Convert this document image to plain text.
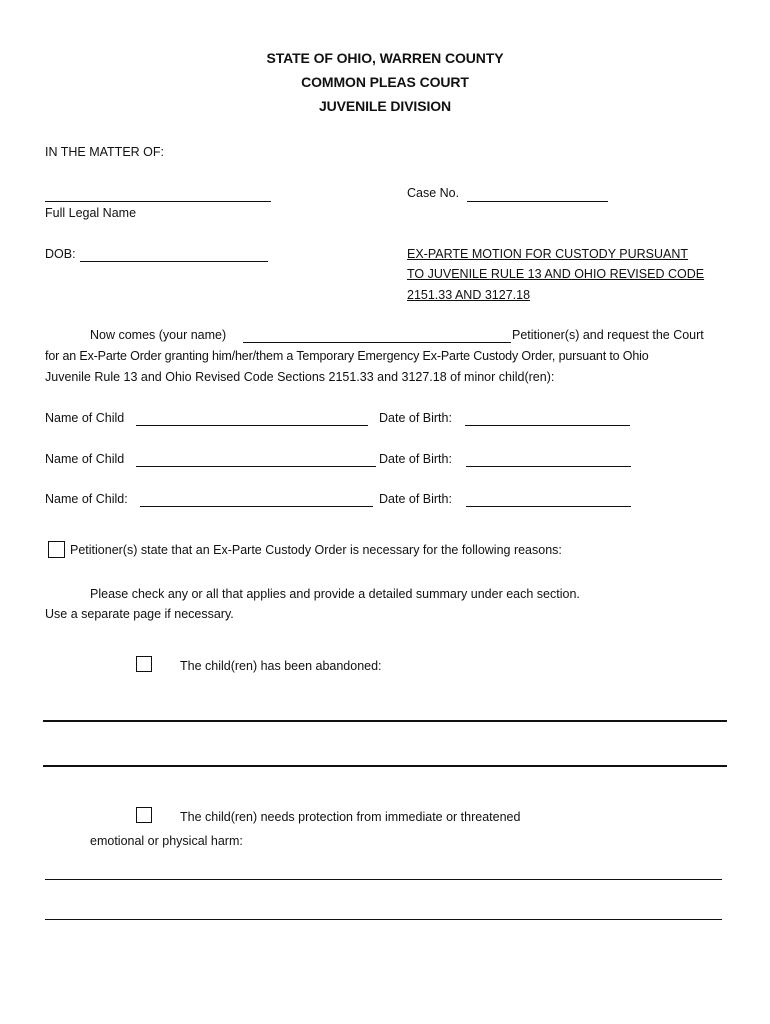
STATE OF OHIO, WARREN COUNTY
COMMON PLEAS COURT
JUVENILE DIVISION
IN THE MATTER OF:
Full Legal Name
Case No.
DOB:	EX-PARTE MOTION FOR CUSTODY PURSUANT
TO JUVENILE RULE 13 AND OHIO REVISED CODE
2151.33 AND 3127.18
Now comes (your name)	Petitioner(s) and request the Court
for an Ex-Parte Order granting him/her/them a Temporary Emergency Ex-Parte Custody Order, pursuant to Ohio
Juvenile Rule 13 and Ohio Revised Code Sections 2151.33 and 3127.18 of minor child(ren):
Name of Child	Date of Birth:
Name of Child	Date of Birth:
Name of Child:	Date of Birth:
Petitioner(s) state that an Ex-Parte Custody Order is necessary for the following reasons:
Please check any or all that applies and provide a detailed summary under each section.
Use a separate page if necessary.
The child(ren) has been abandoned:
The child(ren) needs protection from immediate or threatened
emotional or physical harm:
